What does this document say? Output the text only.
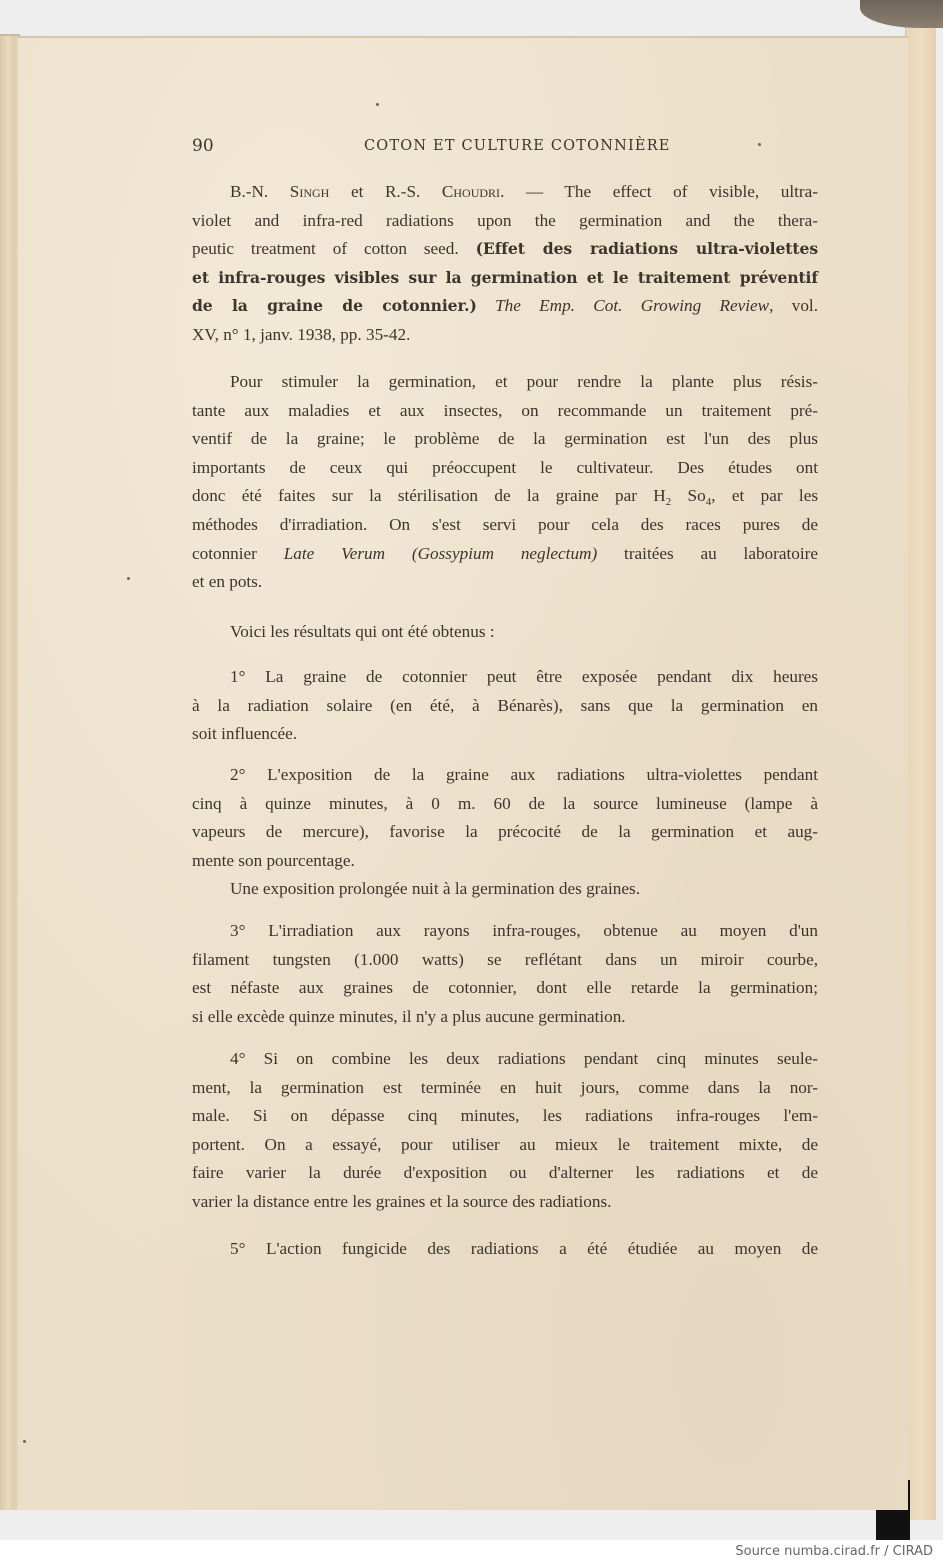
90	COTON ET CULTURE COTONNIÈRE
B.-N. Singh et R.-S. Choudri. — The effect of visible, ultra-
violet and infra-red radiations upon the germination and the thera-
peutic treatment of cotton seed. (Effet des radiations ultra-violettes
et infra-rouges visibles sur la germination et le traitement préventif
de la graine de cotonnier.) The Emp. Cot. Growing Review, vol.
XV, n° 1, janv. 1938, pp. 35-42.
Pour stimuler la germination, et pour rendre la plante plus résis-
tante aux maladies et aux insectes, on recommande un traitement pré-
ventif de la graine; le problème de la germination est l'un des plus
importants de ceux qui préoccupent le cultivateur. Des études ont
donc été faites sur la stérilisation de la graine par $H_2$ $So_4$, et par les
méthodes d'irradiation. On s'est servi pour cela des races pures de
cotonnier Late Verum (Gossypium neglectum) traitées au laboratoire
et en pots.
Voici les résultats qui ont été obtenus :
1° La graine de cotonnier peut être exposée pendant dix heures
à la radiation solaire (en été, à Bénarès), sans que la germination en
soit influencée.
2° L'exposition de la graine aux radiations ultra-violettes pendant
cinq à quinze minutes, à 0 m. 60 de la source lumineuse (lampe à
vapeurs de mercure), favorise la précocité de la germination et aug-
mente son pourcentage.
Une exposition prolongée nuit à la germination des graines.
3° L'irradiation aux rayons infra-rouges, obtenue au moyen d'un
filament tungsten (1.000 watts) se reflétant dans un miroir courbe,
est néfaste aux graines de cotonnier, dont elle retarde la germination;
si elle excède quinze minutes, il n'y a plus aucune germination.
4° Si on combine les deux radiations pendant cinq minutes seule-
ment, la germination est terminée en huit jours, comme dans la nor-
male. Si on dépasse cinq minutes, les radiations infra-rouges l'em-
portent. On a essayé, pour utiliser au mieux le traitement mixte, de
faire varier la durée d'exposition ou d'alterner les radiations et de
varier la distance entre les graines et la source des radiations.
5° L'action fungicide des radiations a été étudiée au moyen de
Source numba.cirad.fr / CIRAD
